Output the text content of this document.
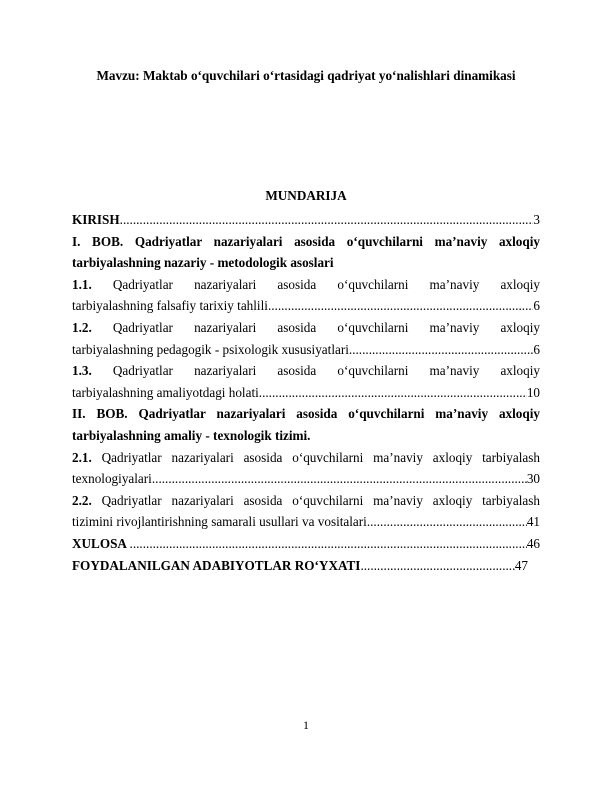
Mavzu: Maktab o‘quvchilari o‘rtasidagi qadriyat yo‘nalishlari dinamikasi
MUNDARIJA
KIRISH .....	3
I. BOB. Qadriyatlar nazariyalari asosida o‘quvchilarni ma’naviy axloqiy
tarbiyalashning nazariy - metodologik asoslari
1.1. Qadriyatlar nazariyalari asosida o‘quvchilarni ma’naviy axloqiy
tarbiyalashning falsafiy tarixiy tahlili .....	6
1.2. Qadriyatlar nazariyalari asosida o‘quvchilarni ma’naviy axloqiy
tarbiyalashning pedagogik - psixologik xususiyatlari .....	6
1.3. Qadriyatlar nazariyalari asosida o‘quvchilarni ma’naviy axloqiy
tarbiyalashning amaliyotdagi holati .....	10
II. BOB. Qadriyatlar nazariyalari asosida o‘quvchilarni ma’naviy axloqiy
tarbiyalashning amaliy - texnologik tizimi.
2.1. Qadriyatlar nazariyalari asosida o‘quvchilarni ma’naviy axloqiy tarbiyalash
texnologiyalari .....	30
2.2. Qadriyatlar nazariyalari asosida o‘quvchilarni ma’naviy axloqiy tarbiyalash
tizimini rivojlantirishning samarali usullari va vositalari .....	41
XULOSA .....	46
FOYDALANILGAN ADABIYOTLAR RO‘YXATI .....	47
1
